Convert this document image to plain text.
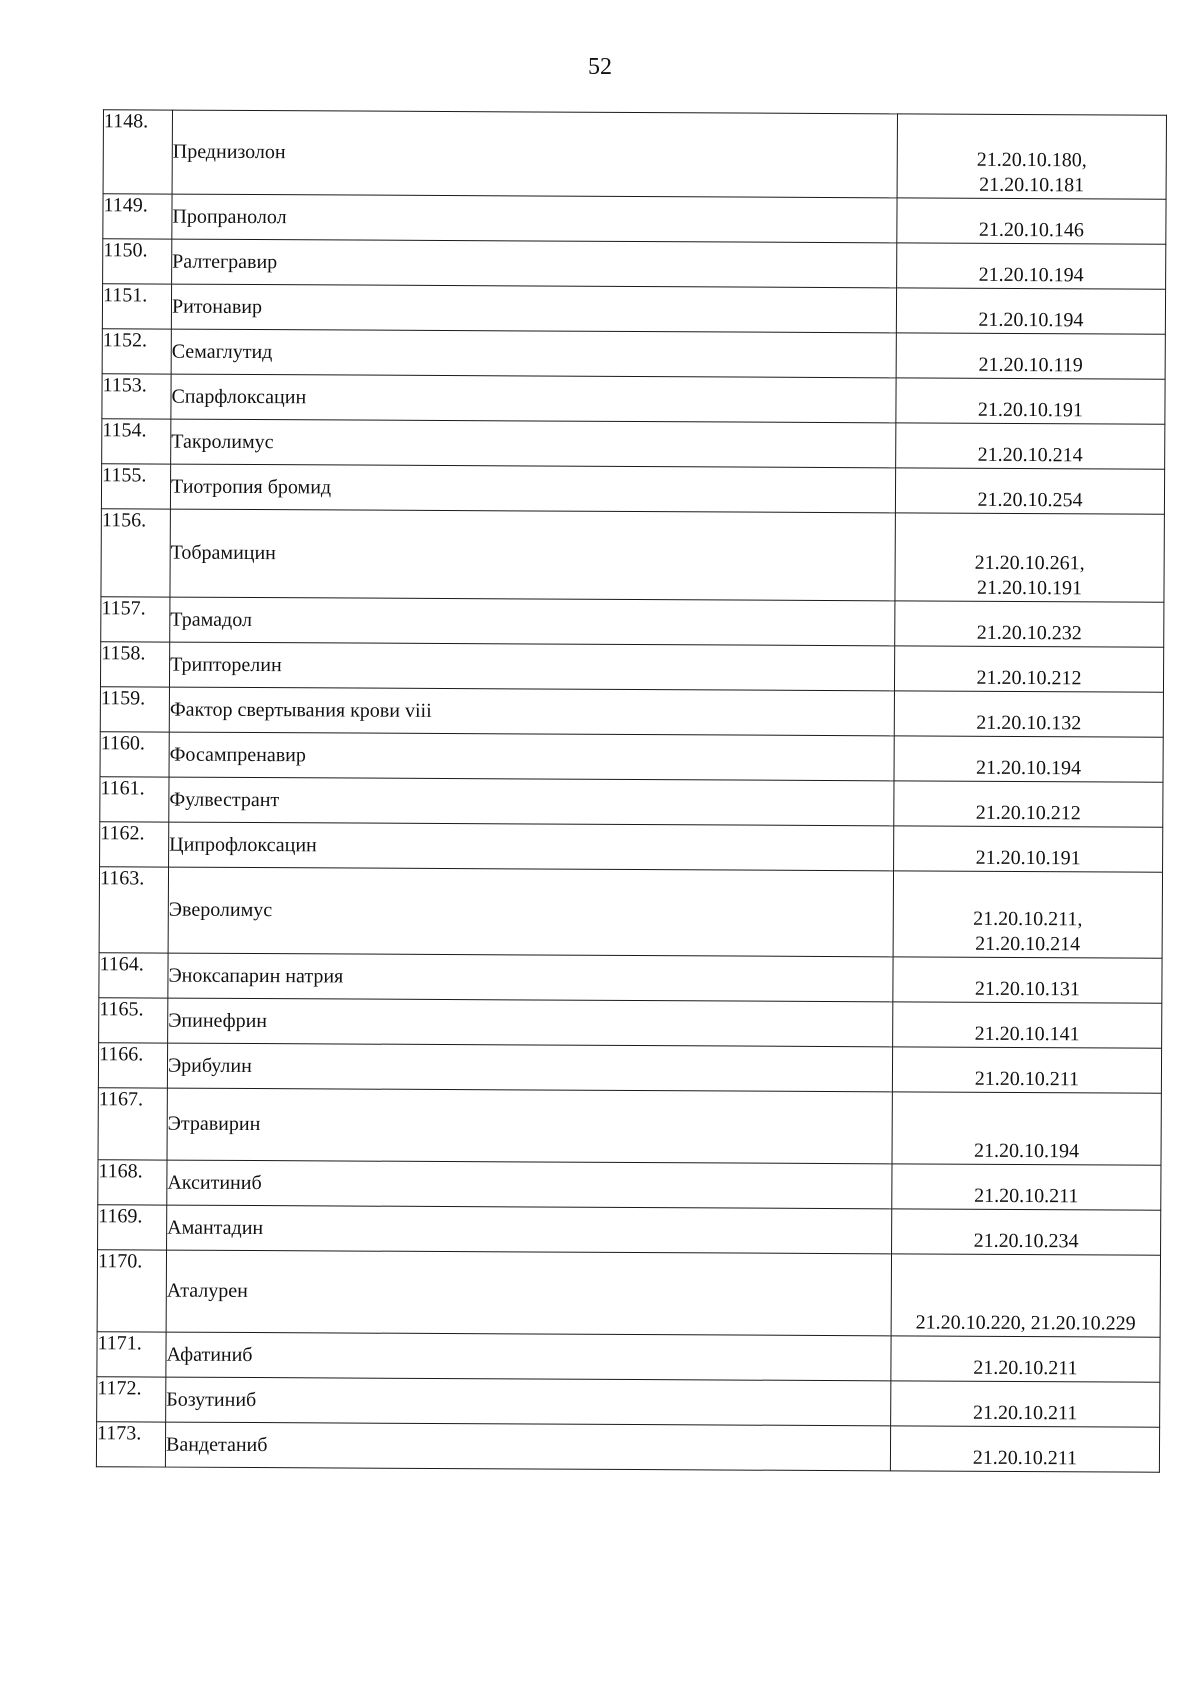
52
1148.	Преднизолон	21.20.10.180,
21.20.10.181
1149.	Пропранолол	21.20.10.146
1150.	Ралтегравир	21.20.10.194
1151.	Ритонавир	21.20.10.194
1152.	Семаглутид	21.20.10.119
1153.	Спарфлоксацин	21.20.10.191
1154.	Такролимус	21.20.10.214
1155.	Тиотропия бромид	21.20.10.254
1156.	Тобрамицин	21.20.10.261,
21.20.10.191
1157.	Трамадол	21.20.10.232
1158.	Трипторелин	21.20.10.212
1159.	Фактор свертывания крови viii	21.20.10.132
1160.	Фосампренавир	21.20.10.194
1161.	Фулвестрант	21.20.10.212
1162.	Ципрофлоксацин	21.20.10.191
1163.	Эверолимус	21.20.10.211,
21.20.10.214
1164.	Эноксапарин натрия	21.20.10.131
1165.	Эпинефрин	21.20.10.141
1166.	Эрибулин	21.20.10.211
1167.	Этравирин	21.20.10.194
1168.	Акситиниб	21.20.10.211
1169.	Амантадин	21.20.10.234
1170.	Аталурен	21.20.10.220, 21.20.10.229
1171.	Афатиниб	21.20.10.211
1172.	Бозутиниб	21.20.10.211
1173.	Вандетаниб	21.20.10.211
